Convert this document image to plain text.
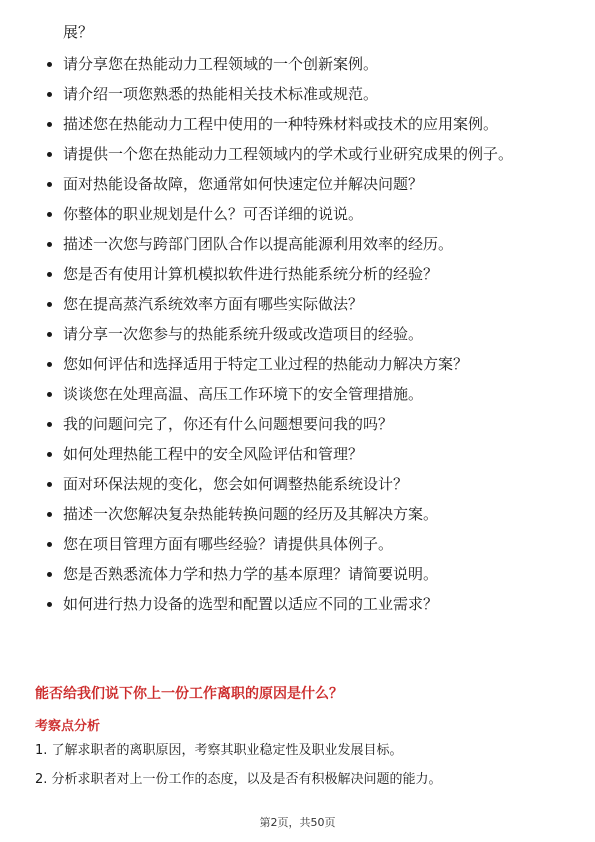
展？

请分享您在热能动力工程领域的一个创新案例。
请介绍一项您熟悉的热能相关技术标准或规范。
描述您在热能动力工程中使用的一种特殊材料或技术的应用案例。
请提供一个您在热能动力工程领域内的学术或行业研究成果的例子。
面对热能设备故障，您通常如何快速定位并解决问题？
你整体的职业规划是什么？可否详细的说说。
描述一次您与跨部门团队合作以提高能源利用效率的经历。
您是否有使用计算机模拟软件进行热能系统分析的经验？
您在提高蒸汽系统效率方面有哪些实际做法？
请分享一次您参与的热能系统升级或改造项目的经验。
您如何评估和选择适用于特定工业过程的热能动力解决方案？
谈谈您在处理高温、高压工作环境下的安全管理措施。
我的问题问完了，你还有什么问题想要问我的吗？
如何处理热能工程中的安全风险评估和管理？
面对环保法规的变化，您会如何调整热能系统设计？
描述一次您解决复杂热能转换问题的经历及其解决方案。
您在项目管理方面有哪些经验？请提供具体例子。
您是否熟悉流体力学和热力学的基本原理？请简要说明。
如何进行热力设备的选型和配置以适应不同的工业需求？

能否给我们说下你上一份工作离职的原因是什么？

考察点分析

1. 了解求职者的离职原因，考察其职业稳定性及职业发展目标。

2. 分析求职者对上一份工作的态度，以及是否有积极解决问题的能力。

第2页，共50页
